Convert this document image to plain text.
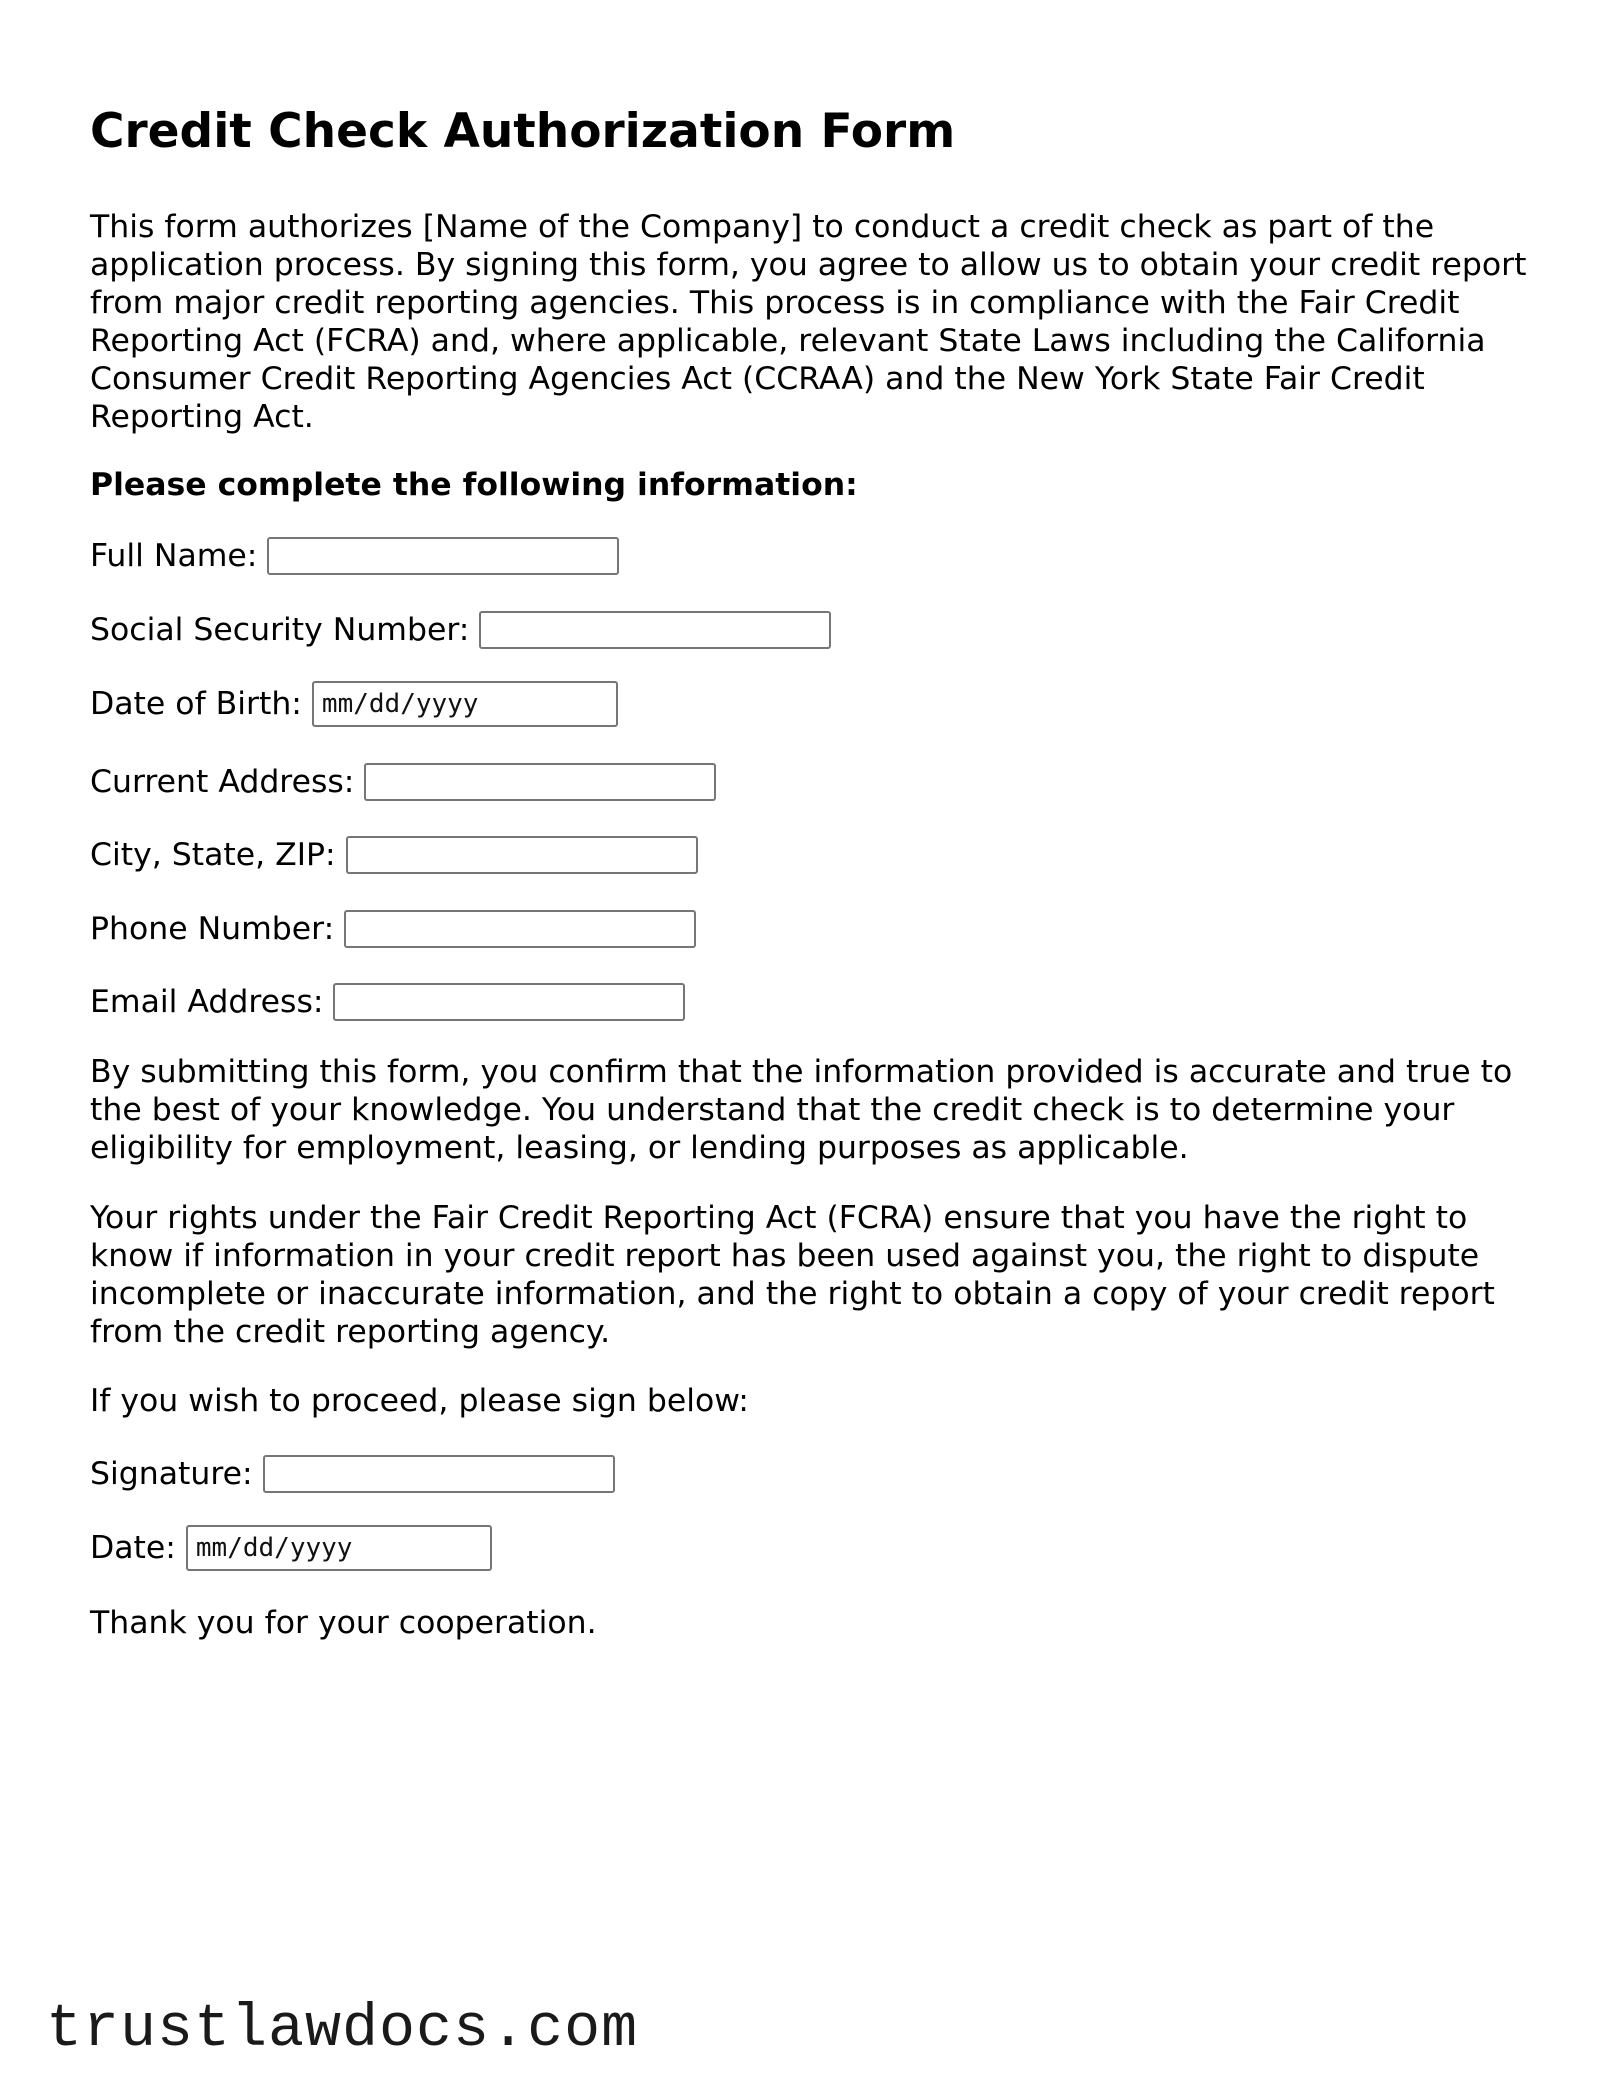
Credit Check Authorization Form

This form authorizes [Name of the Company] to conduct a credit check as part of the application process. By signing this form, you agree to allow us to obtain your credit report from major credit reporting agencies. This process is in compliance with the Fair Credit Reporting Act (FCRA) and, where applicable, relevant State Laws including the California Consumer Credit Reporting Agencies Act (CCRAA) and the New York State Fair Credit Reporting Act.

Please complete the following information:

Full Name:
Social Security Number:
Date of Birth: mm/dd/yyyy
Current Address:
City, State, ZIP:
Phone Number:
Email Address:

By submitting this form, you confirm that the information provided is accurate and true to the best of your knowledge. You understand that the credit check is to determine your eligibility for employment, leasing, or lending purposes as applicable.

Your rights under the Fair Credit Reporting Act (FCRA) ensure that you have the right to know if information in your credit report has been used against you, the right to dispute incomplete or inaccurate information, and the right to obtain a copy of your credit report from the credit reporting agency.

If you wish to proceed, please sign below:

Signature:
Date: mm/dd/yyyy

Thank you for your cooperation.

trustlawdocs.com
